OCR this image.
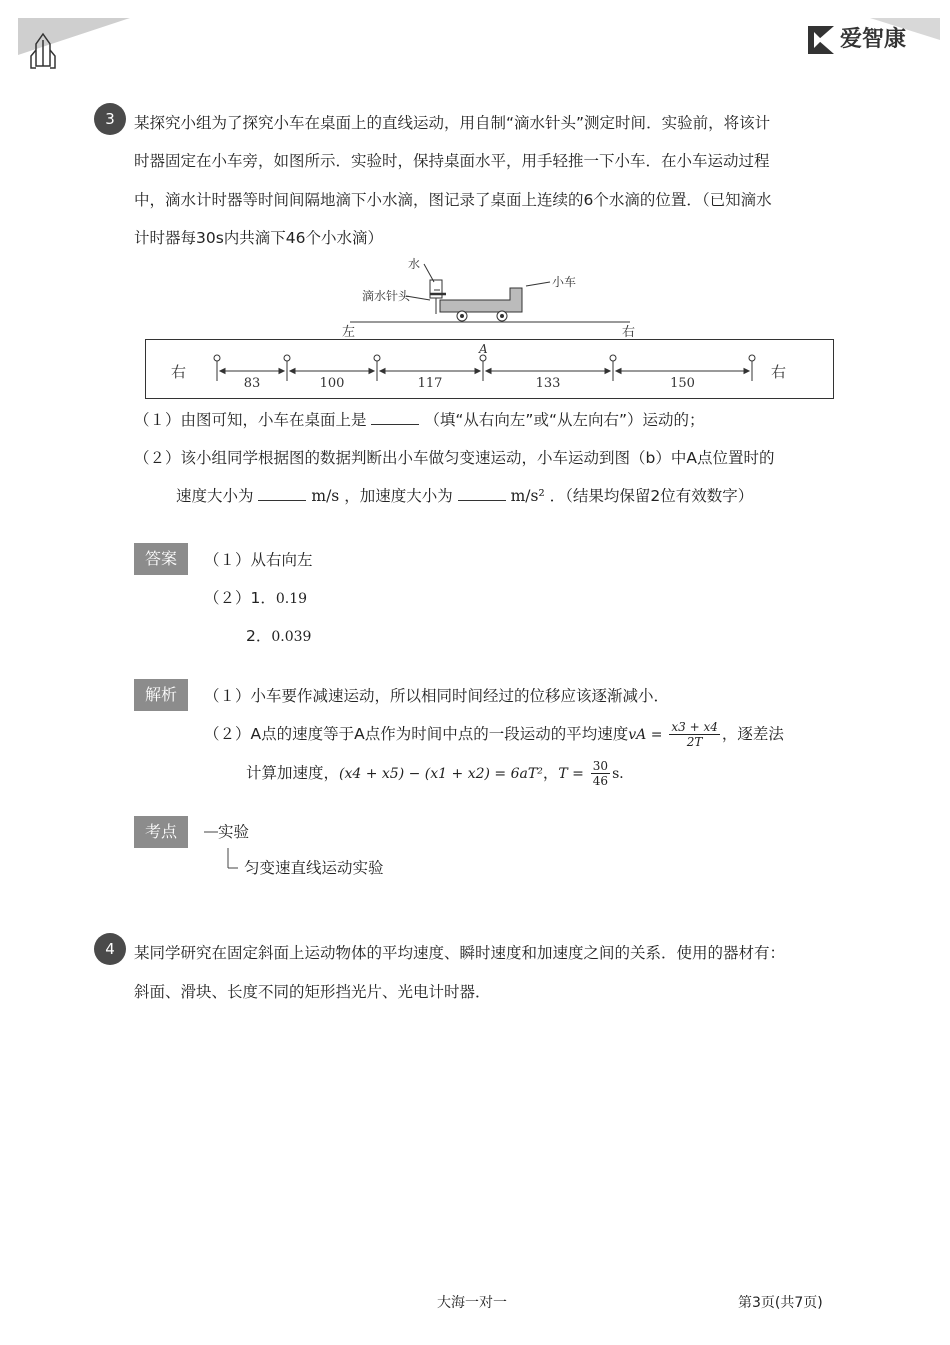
爱智康
3	某探究小组为了探究小车在桌面上的直线运动，用自制“滴水针头”测定时间．实验前，将该计
时器固定在小车旁，如图所示．实验时，保持桌面水平，用手轻推一下小车．在小车运动过程
中，滴水计时器等时间间隔地滴下小水滴，图记录了桌面上连续的6个水滴的位置．（已知滴水
计时器每30s内共滴下46个小水滴）
水
滴水针头
小车
左	右
右	右
83	100	117	133	150
A
（１）由图可知，小车在桌面上是	（填“从右向左”或“从左向右”）运动的；
（２）该小组同学根据图的数据判断出小车做匀变速运动，小车运动到图（b）中A点位置时的
速度大小为	m/s ，加速度大小为	m/s² ．（结果均保留2位有效数字）
答案	（１）从右向左
（２）1．0.19
2．0.039
解析	（１）小车要作减速运动，所以相同时间经过的位移应该逐渐减小．
（２）A点的速度等于A点作为时间中点的一段运动的平均速度vA = $\frac{x3 + x4}{2T}$ ，逐差法
计算加速度，(x4 + x5) − (x1 + x2) = 6aT²，$T = \frac{30}{46}$ s．
考点	实验
匀变速直线运动实验
4	某同学研究在固定斜面上运动物体的平均速度、瞬时速度和加速度之间的关系．使用的器材有：
斜面、滑块、长度不同的矩形挡光片、光电计时器．
大海一对一	第3页(共7页)
